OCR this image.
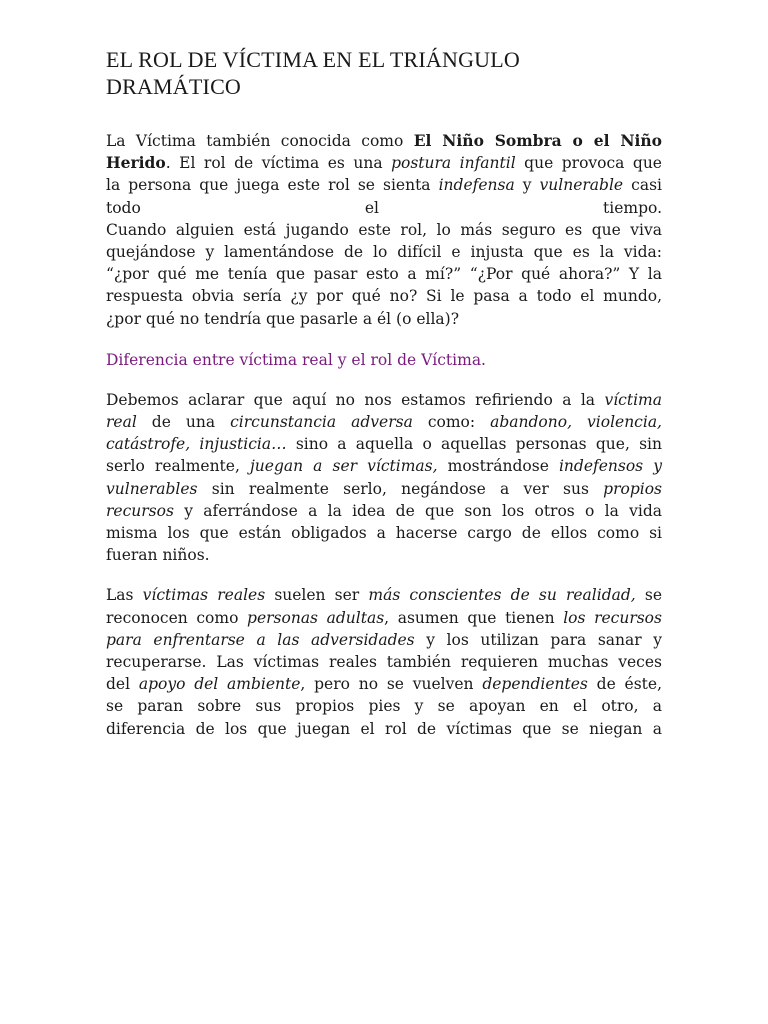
EL ROL DE VÍCTIMA EN EL TRIÁNGULO
DRAMÁTICO
La Víctima también conocida como El Niño Sombra o el Niño
Herido. El rol de víctima es una postura infantil que provoca que
la persona que juega este rol se sienta indefensa y vulnerable casi
todo el tiempo.
Cuando alguien está jugando este rol, lo más seguro es que viva
quejándose y lamentándose de lo difícil e injusta que es la vida:
“¿por qué me tenía que pasar esto a mí?” “¿Por qué ahora?” Y la
respuesta obvia sería ¿y por qué no? Si le pasa a todo el mundo,
¿por qué no tendría que pasarle a él (o ella)?
Diferencia entre víctima real y el rol de Víctima.
Debemos aclarar que aquí no nos estamos refiriendo a la víctima
real de una circunstancia adversa como: abandono, violencia,
catástrofe, injusticia… sino a aquella o aquellas personas que, sin
serlo realmente, juegan a ser víctimas, mostrándose indefensos y
vulnerables sin realmente serlo, negándose a ver sus propios
recursos y aferrándose a la idea de que son los otros o la vida
misma los que están obligados a hacerse cargo de ellos como si
fueran niños.
Las víctimas reales suelen ser más conscientes de su realidad, se
reconocen como personas adultas, asumen que tienen los recursos
para enfrentarse a las adversidades y los utilizan para sanar y
recuperarse. Las víctimas reales también requieren muchas veces
del apoyo del ambiente, pero no se vuelven dependientes de éste,
se paran sobre sus propios pies y se apoyan en el otro, a
diferencia de los que juegan el rol de víctimas que se niegan a
